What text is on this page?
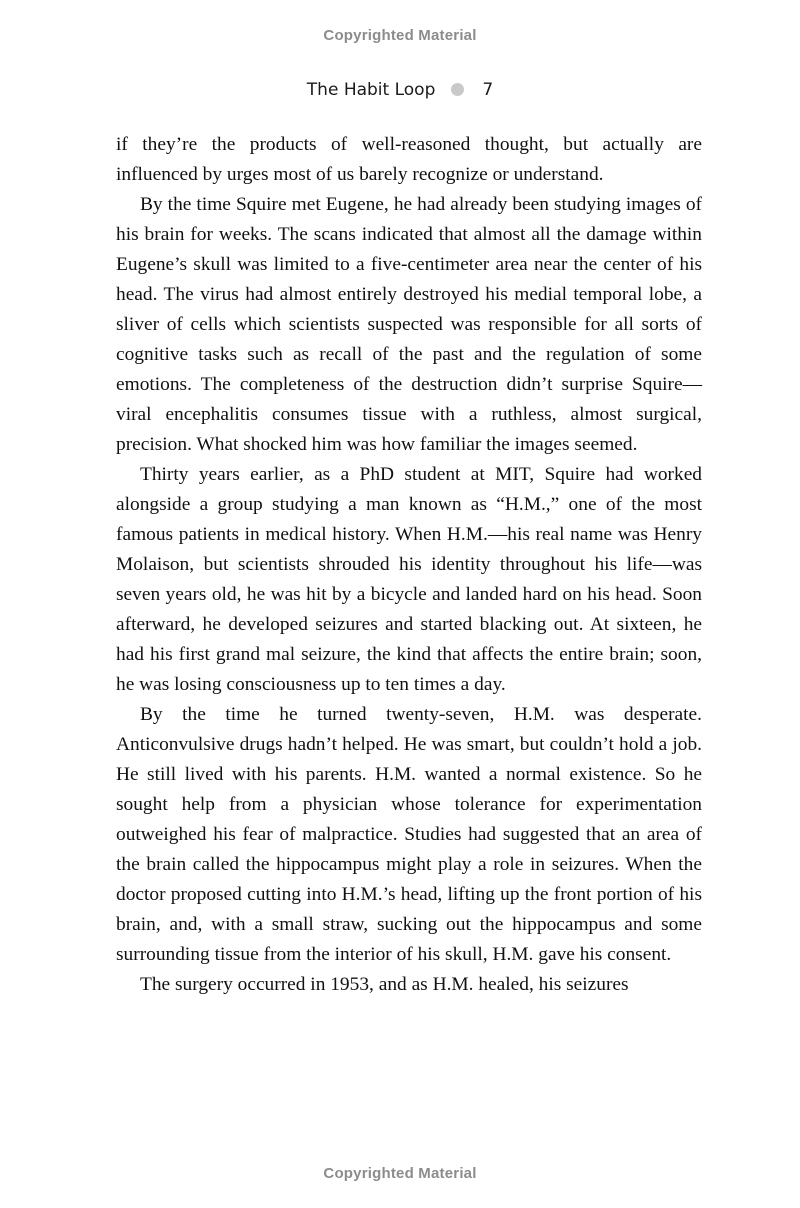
Copyrighted Material
The Habit Loop	7

if they’re the products of well-reasoned thought, but actually are influenced by urges most of us barely recognize or understand.

By the time Squire met Eugene, he had already been studying images of his brain for weeks. The scans indicated that almost all the damage within Eugene’s skull was limited to a five-centimeter area near the center of his head. The virus had almost entirely destroyed his medial temporal lobe, a sliver of cells which scientists suspected was responsible for all sorts of cognitive tasks such as recall of the past and the regulation of some emotions. The completeness of the destruction didn’t surprise Squire—viral encephalitis consumes tissue with a ruthless, almost surgical, precision. What shocked him was how familiar the images seemed.

Thirty years earlier, as a PhD student at MIT, Squire had worked alongside a group studying a man known as “H.M.,” one of the most famous patients in medical history. When H.M.—his real name was Henry Molaison, but scientists shrouded his identity throughout his life—was seven years old, he was hit by a bicycle and landed hard on his head. Soon afterward, he developed seizures and started blacking out. At sixteen, he had his first grand mal seizure, the kind that affects the entire brain; soon, he was losing consciousness up to ten times a day.

By the time he turned twenty-seven, H.M. was desperate. Anticonvulsive drugs hadn’t helped. He was smart, but couldn’t hold a job. He still lived with his parents. H.M. wanted a normal existence. So he sought help from a physician whose tolerance for experimentation outweighed his fear of malpractice. Studies had suggested that an area of the brain called the hippocampus might play a role in seizures. When the doctor proposed cutting into H.M.’s head, lifting up the front portion of his brain, and, with a small straw, sucking out the hippocampus and some surrounding tissue from the interior of his skull, H.M. gave his consent.

The surgery occurred in 1953, and as H.M. healed, his seizures

Copyrighted Material
